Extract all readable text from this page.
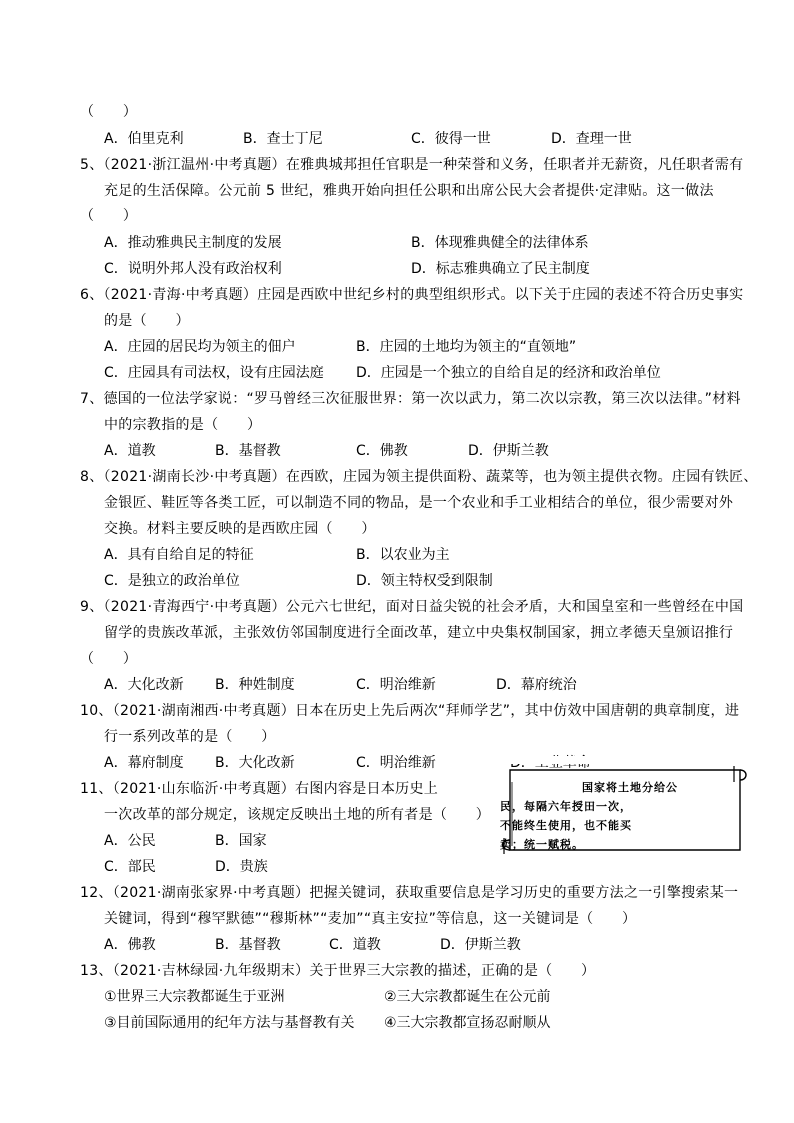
（　　）
A．伯里克利	B．查士丁尼	C．彼得一世	D．查理一世
5、（2021·浙江温州·中考真题）在雅典城邦担任官职是一种荣誉和义务，任职者并无薪资，凡任职者需有
充足的生活保障。公元前 5 世纪，雅典开始向担任公职和出席公民大会者提供·定津贴。这一做法
（　　）
A．推动雅典民主制度的发展	B．体现雅典健全的法律体系
C．说明外邦人没有政治权利	D．标志雅典确立了民主制度
6、（2021·青海·中考真题）庄园是西欧中世纪乡村的典型组织形式。以下关于庄园的表述不符合历史事实
的是（　　）
A．庄园的居民均为领主的佃户	B．庄园的土地均为领主的“直领地”
C．庄园具有司法权，设有庄园法庭 D．庄园是一个独立的自给自足的经济和政治单位
7、德国的一位法学家说：“罗马曾经三次征服世界：第一次以武力，第二次以宗教，第三次以法律。”材料
中的宗教指的是（　　）
A．道教	B．基督教	C．佛教	D．伊斯兰教
8、（2021·湖南长沙·中考真题）在西欧，庄园为领主提供面粉、蔬菜等，也为领主提供衣物。庄园有铁匠、
金银匠、鞋匠等各类工匠，可以制造不同的物品，是一个农业和手工业相结合的单位，很少需要对外
交换。材料主要反映的是西欧庄园（　　）
A．具有自给自足的特征	B．以农业为主
C．是独立的政治单位	D．领主特权受到限制
9、（2021·青海西宁·中考真题）公元六七世纪，面对日益尖锐的社会矛盾，大和国皇室和一些曾经在中国
留学的贵族改革派，主张效仿邻国制度进行全面改革，建立中央集权制国家，拥立孝德天皇颁诏推行
（　　）
A．大化改新 B．种姓制度	C．明治维新	D．幕府统治
10、（2021·湖南湘西·中考真题）日本在历史上先后两次“拜师学艺”，其中仿效中国唐朝的典章制度，进
行一系列改革的是（　　）
A．幕府制度 B．大化改新	C．明治维新
国家将土地分给公
民，每隔六年授田一次，
不能终生使用，也不能买
卖；统一赋税。
11、（2021·山东临沂·中考真题）右图内容是日本历史上
一次改革的部分规定，该规定反映出土地的所有者是（　　）
A．公民	B．国家
C．部民	D．贵族
12、（2021·湖南张家界·中考真题）把握关键词，获取重要信息是学习历史的重要方法之一引擎搜索某一
关键词，得到“穆罕默德”“穆斯林”“麦加”“真主安拉”等信息，这一关键词是（　　）
A．佛教	B．基督教	C．道教	D．伊斯兰教
13、（2021·吉林绿园·九年级期末）关于世界三大宗教的描述，正确的是（　　）
①世界三大宗教都诞生于亚洲	②三大宗教都诞生在公元前
③目前国际通用的纪年方法与基督教有关 ④三大宗教都宣扬忍耐顺从
